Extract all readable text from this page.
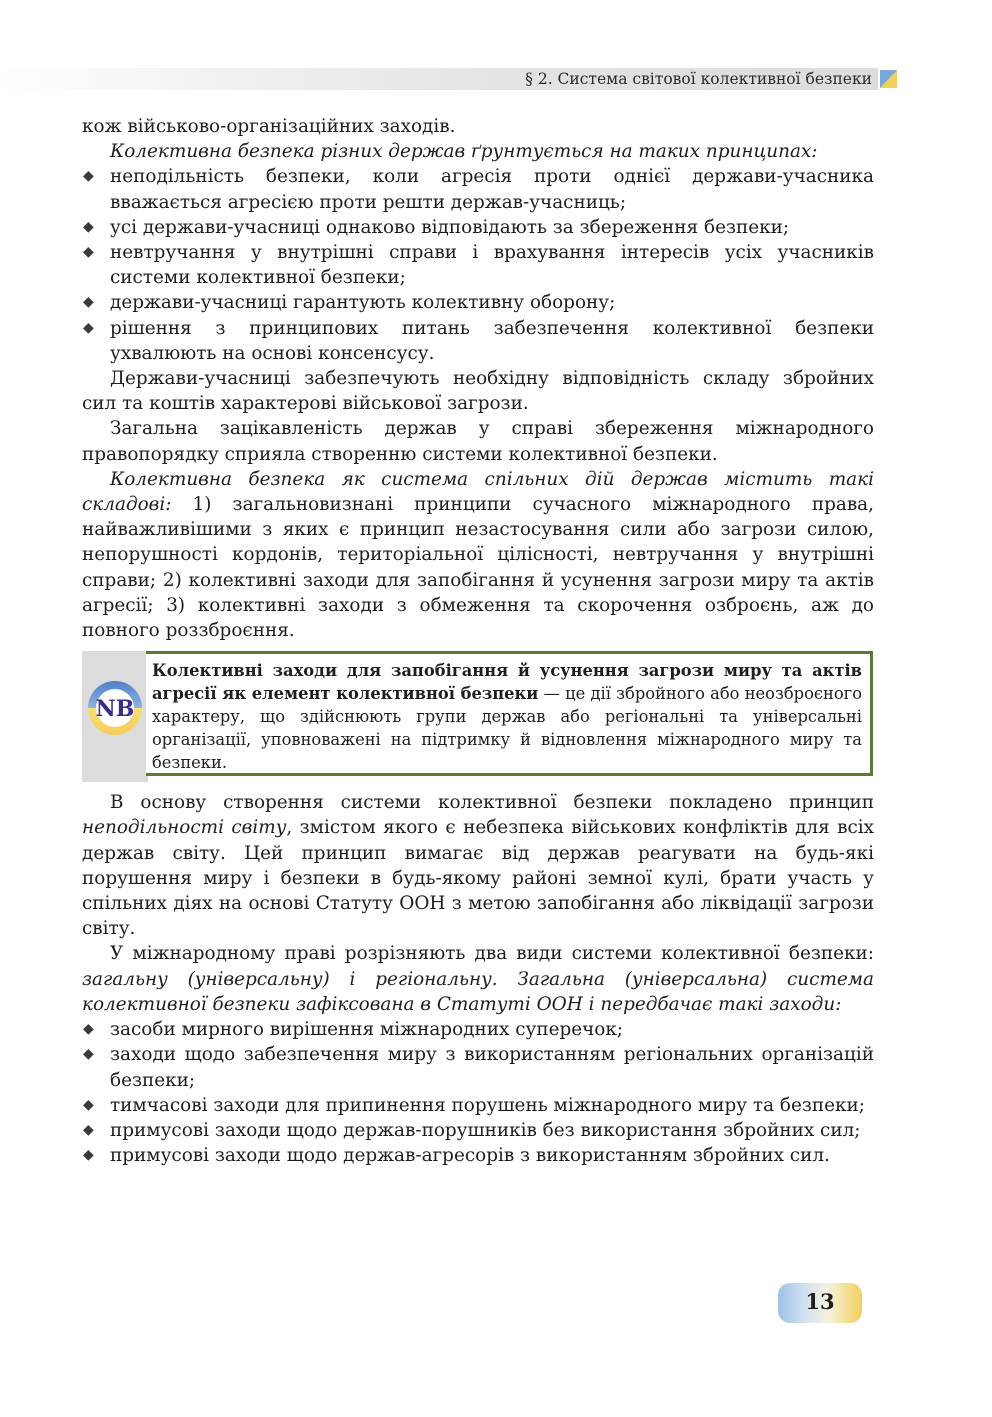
§ 2. Система світової колективної безпеки

кож військово-організаційних заходів.

Колективна безпека різних держав ґрунтується на таких принципах:

◆ неподільність безпеки, коли агресія проти однієї держави-учасника вважається агресією проти решти держав-учасниць;
◆ усі держави-учасниці однаково відповідають за збереження безпеки;
◆ невтручання у внутрішні справи і врахування інтересів усіх учасників системи колективної безпеки;
◆ держави-учасниці гарантують колективну оборону;
◆ рішення з принципових питань забезпечення колективної безпеки ухвалюють на основі консенсусу.

Держави-учасниці забезпечують необхідну відповідність складу збройних сил та коштів характерові військової загрози.

Загальна зацікавленість держав у справі збереження міжнародного правопорядку сприяла створенню системи колективної безпеки.

Колективна безпека як система спільних дій держав містить такі складові: 1) загальновизнані принципи сучасного міжнародного права, найважливішими з яких є принцип незастосування сили або загрози силою, непорушності кордонів, територіальної цілісності, невтручання у внутрішні справи; 2) колективні заходи для запобігання й усунення загрози миру та актів агресії; 3) колективні заходи з обмеження та скорочення озброєнь, аж до повного роззброєння.

NB
Колективні заходи для запобігання й усунення загрози миру та актів агресії як елемент колективної безпеки — це дії збройного або неозброєного характеру, що здійснюють групи держав або регіональні та універсальні організації, уповноважені на підтримку й відновлення міжнародного миру та безпеки.

В основу створення системи колективної безпеки покладено принцип неподільності світу, змістом якого є небезпека військових конфліктів для всіх держав світу. Цей принцип вимагає від держав реагувати на будь-які порушення миру і безпеки в будь-якому районі земної кулі, брати участь у спільних діях на основі Статуту ООН з метою запобігання або ліквідації загрози світу.

У міжнародному праві розрізняють два види системи колективної безпеки: загальну (універсальну) і регіональну. Загальна (універсальна) система колективної безпеки зафіксована в Статуті ООН і передбачає такі заходи:

◆ засоби мирного вирішення міжнародних суперечок;
◆ заходи щодо забезпечення миру з використанням регіональних організацій безпеки;
◆ тимчасові заходи для припинення порушень міжнародного миру та безпеки;
◆ примусові заходи щодо держав-порушників без використання збройних сил;
◆ примусові заходи щодо держав-агресорів з використанням збройних сил.
13
